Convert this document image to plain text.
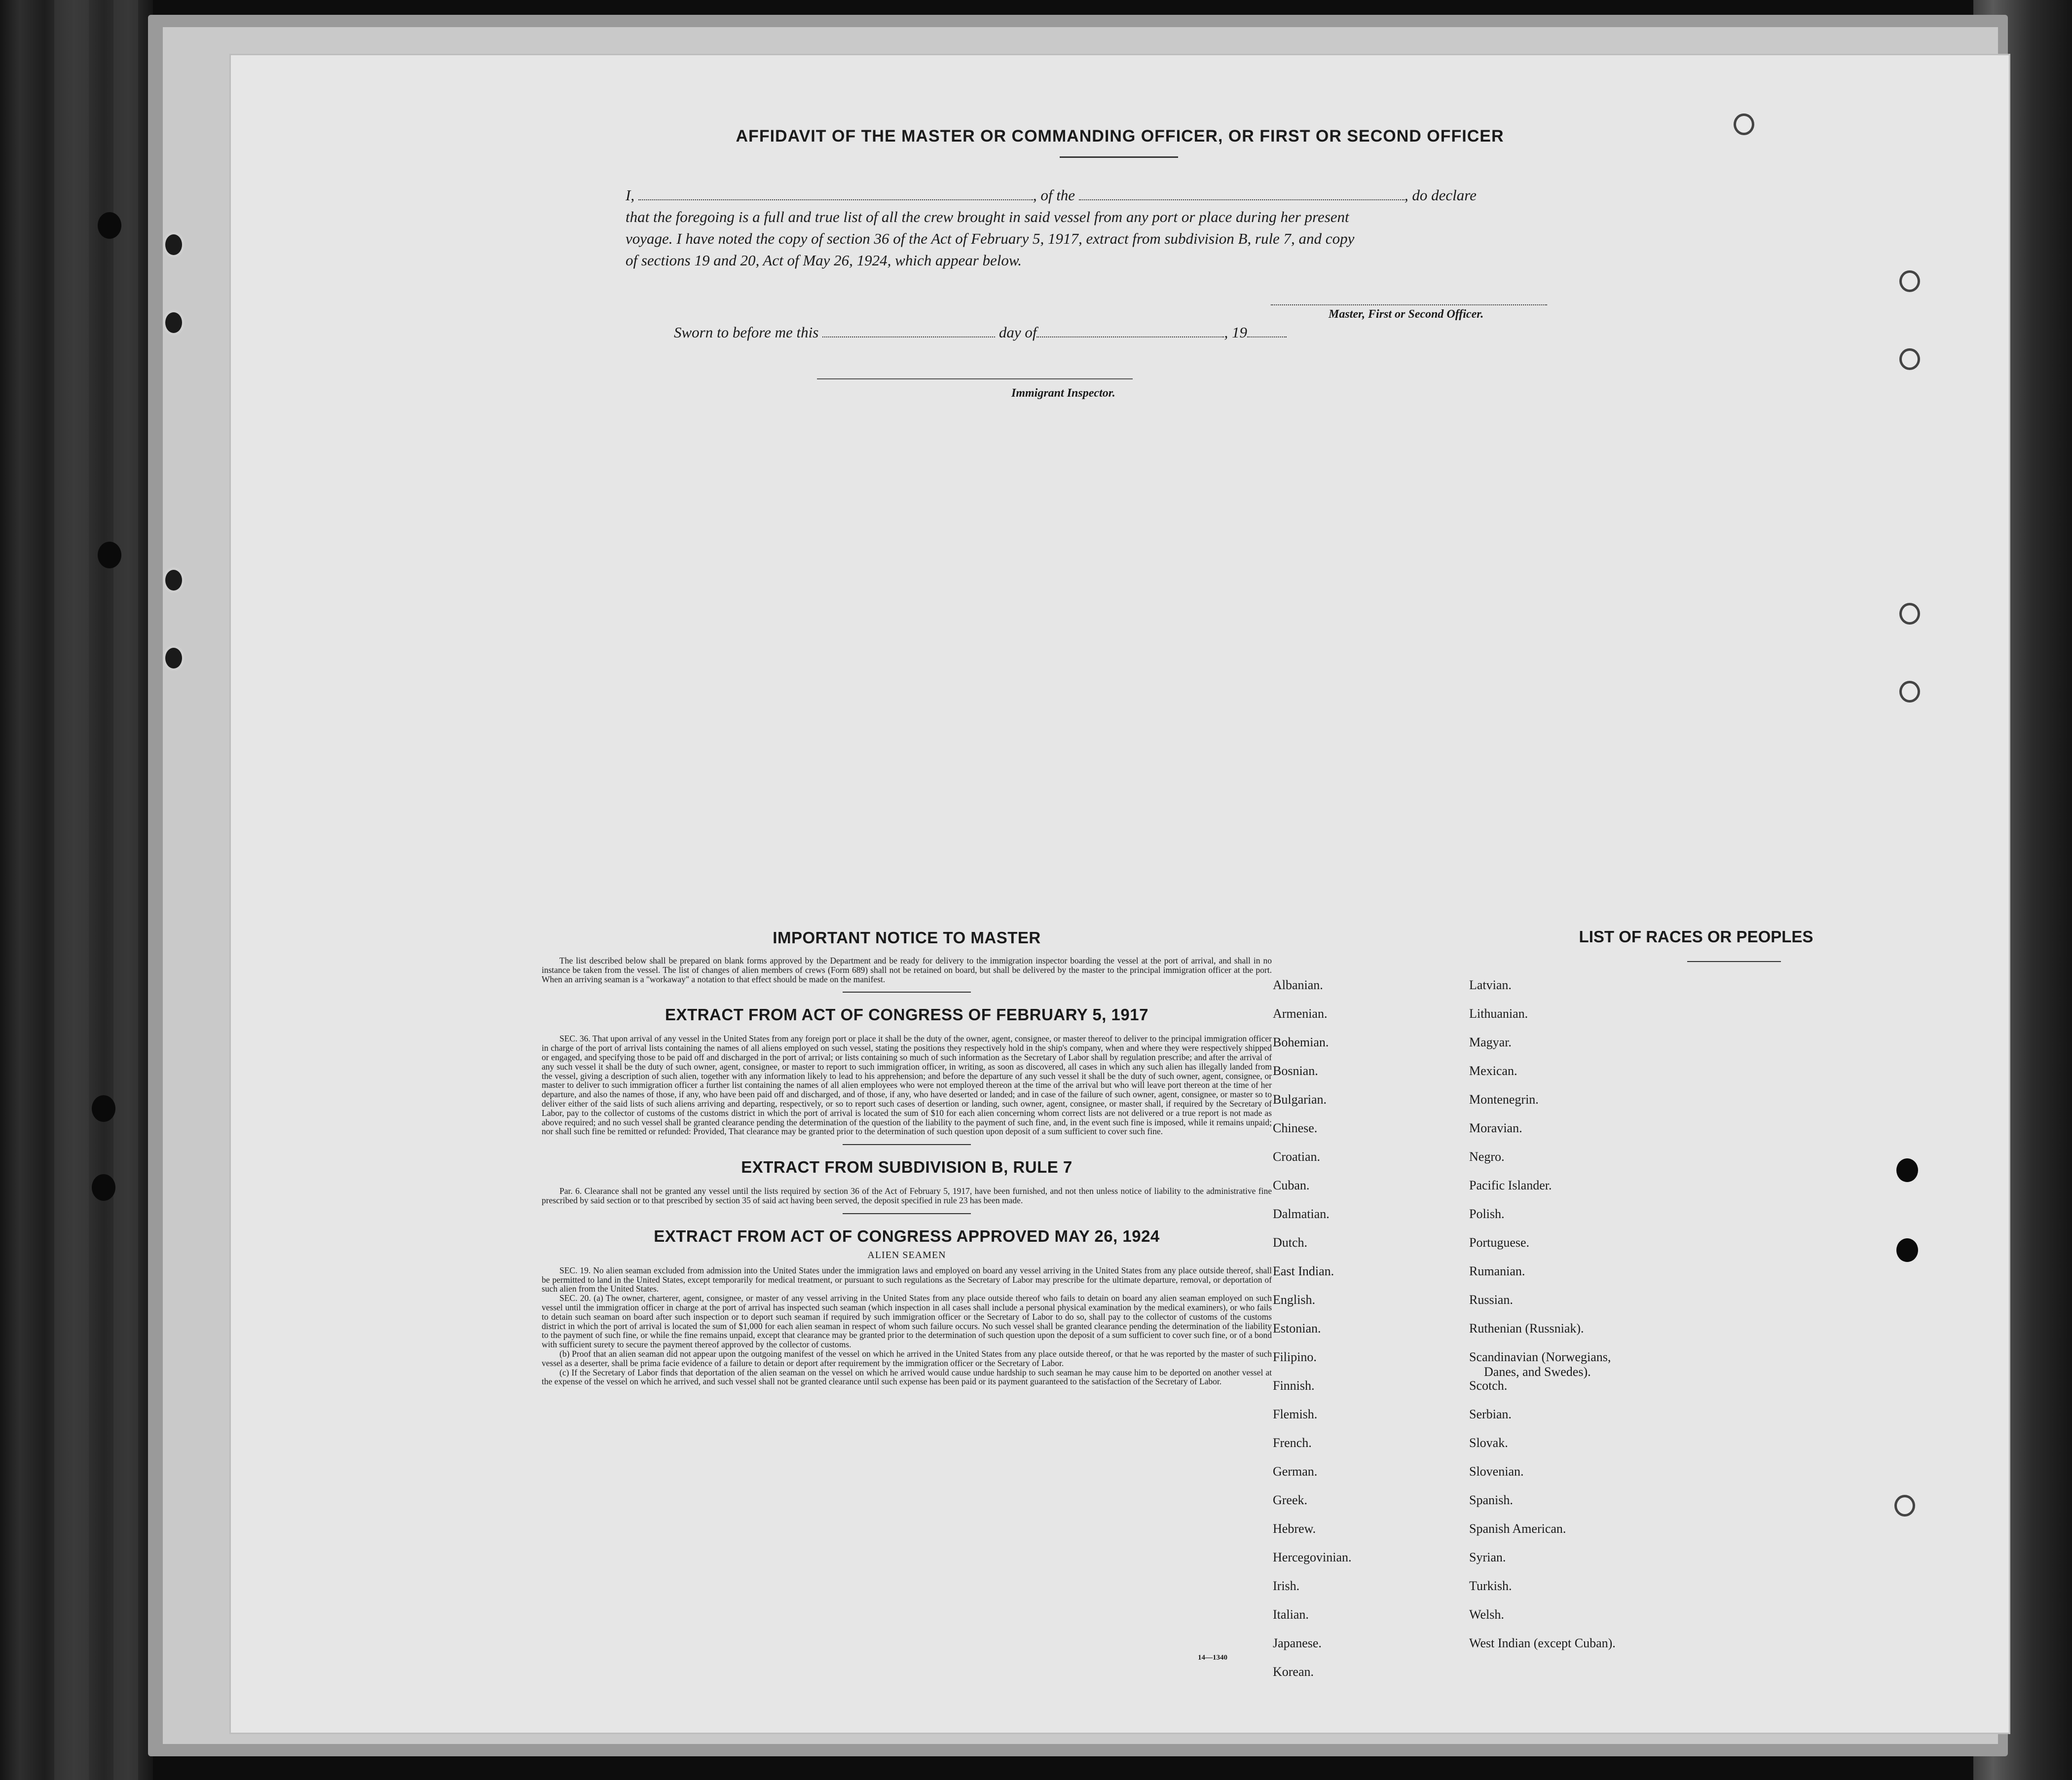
AFFIDAVIT OF THE MASTER OR COMMANDING OFFICER, OR FIRST OR SECOND OFFICER
I,	, of the	, do declare
that the foregoing is a full and true list of all the crew brought in said vessel from any port or place during her present
voyage. I have noted the copy of section 36 of the Act of February 5, 1917, extract from subdivision B, rule 7, and copy
of sections 19 and 20, Act of May 26, 1924, which appear below.
Master, First or Second Officer.
Sworn to before me this	day of	, 19
Immigrant Inspector.

IMPORTANT NOTICE TO MASTER

The list described below shall be prepared on blank forms approved by the Department and be ready for delivery to the immigration inspector boarding the vessel at the port of arrival, and shall in no instance be taken from the vessel. The list of changes of alien members of crews (Form 689) shall not be retained on board, but shall be delivered by the master to the principal immigration officer at the port. When an arriving seaman is a "workaway" a notation to that effect should be made on the manifest.

EXTRACT FROM ACT OF CONGRESS OF FEBRUARY 5, 1917

SEC. 36. That upon arrival of any vessel in the United States from any foreign port or place it shall be the duty of the owner, agent, consignee, or master thereof to deliver to the principal immigration officer in charge of the port of arrival lists containing the names of all aliens employed on such vessel, stating the positions they respectively hold in the ship's company, when and where they were respectively shipped or engaged, and specifying those to be paid off and discharged in the port of arrival; or lists containing so much of such information as the Secretary of Labor shall by regulation prescribe; and after the arrival of any such vessel it shall be the duty of such owner, agent, consignee, or master to report to such immigration officer, in writing, as soon as discovered, all cases in which any such alien has illegally landed from the vessel, giving a description of such alien, together with any information likely to lead to his apprehension; and before the departure of any such vessel it shall be the duty of such owner, agent, consignee, or master to deliver to such immigration officer a further list containing the names of all alien employees who were not employed thereon at the time of the arrival but who will leave port thereon at the time of her departure, and also the names of those, if any, who have been paid off and discharged, and of those, if any, who have deserted or landed; and in case of the failure of such owner, agent, consignee, or master so to deliver either of the said lists of such aliens arriving and departing, respectively, or so to report such cases of desertion or landing, such owner, agent, consignee, or master shall, if required by the Secretary of Labor, pay to the collector of customs of the customs district in which the port of arrival is located the sum of $10 for each alien concerning whom correct lists are not delivered or a true report is not made as above required; and no such vessel shall be granted clearance pending the determination of the question of the liability to the payment of such fine, and, in the event such fine is imposed, while it remains unpaid; nor shall such fine be remitted or refunded: Provided, That clearance may be granted prior to the determination of such question upon deposit of a sum sufficient to cover such fine.

EXTRACT FROM SUBDIVISION B, RULE 7

Par. 6. Clearance shall not be granted any vessel until the lists required by section 36 of the Act of February 5, 1917, have been furnished, and not then unless notice of liability to the administrative fine prescribed by said section or to that prescribed by section 35 of said act having been served, the deposit specified in rule 23 has been made.

EXTRACT FROM ACT OF CONGRESS APPROVED MAY 26, 1924

ALIEN SEAMEN

SEC. 19. No alien seaman excluded from admission into the United States under the immigration laws and employed on board any vessel arriving in the United States from any place outside thereof, shall be permitted to land in the United States, except temporarily for medical treatment, or pursuant to such regulations as the Secretary of Labor may prescribe for the ultimate departure, removal, or deportation of such alien from the United States.

SEC. 20. (a) The owner, charterer, agent, consignee, or master of any vessel arriving in the United States from any place outside thereof who fails to detain on board any alien seaman employed on such vessel until the immigration officer in charge at the port of arrival has inspected such seaman (which inspection in all cases shall include a personal physical examination by the medical examiners), or who fails to detain such seaman on board after such inspection or to deport such seaman if required by such immigration officer or the Secretary of Labor to do so, shall pay to the collector of customs of the customs district in which the port of arrival is located the sum of $1,000 for each alien seaman in respect of whom such failure occurs. No such vessel shall be granted clearance pending the determination of the liability to the payment of such fine, or while the fine remains unpaid, except that clearance may be granted prior to the determination of such question upon the deposit of a sum sufficient to cover such fine, or of a bond with sufficient surety to secure the payment thereof approved by the collector of customs.

(b) Proof that an alien seaman did not appear upon the outgoing manifest of the vessel on which he arrived in the United States from any place outside thereof, or that he was reported by the master of such vessel as a deserter, shall be prima facie evidence of a failure to detain or deport after requirement by the immigration officer or the Secretary of Labor.

(c) If the Secretary of Labor finds that deportation of the alien seaman on the vessel on which he arrived would cause undue hardship to such seaman he may cause him to be deported on another vessel at the expense of the vessel on which he arrived, and such vessel shall not be granted clearance until such expense has been paid or its payment guaranteed to the satisfaction of the Secretary of Labor.

14—1340
LIST OF RACES OR PEOPLES
Albanian.
Armenian.
Bohemian.
Bosnian.
Bulgarian.
Chinese.
Croatian.
Cuban.
Dalmatian.
Dutch.
East Indian.
English.
Estonian.
Filipino.
Finnish.
Flemish.
French.
German.
Greek.
Hebrew.
Hercegovinian.
Irish.
Italian.
Japanese.
Korean.
Latvian.
Lithuanian.
Magyar.
Mexican.
Montenegrin.
Moravian.
Negro.
Pacific Islander.
Polish.
Portuguese.
Rumanian.
Russian.
Ruthenian (Russniak).
Scandinavian (Norwegians,
Danes, and Swedes).
Scotch.
Serbian.
Slovak.
Slovenian.
Spanish.
Spanish American.
Syrian.
Turkish.
Welsh.
West Indian (except Cuban).
